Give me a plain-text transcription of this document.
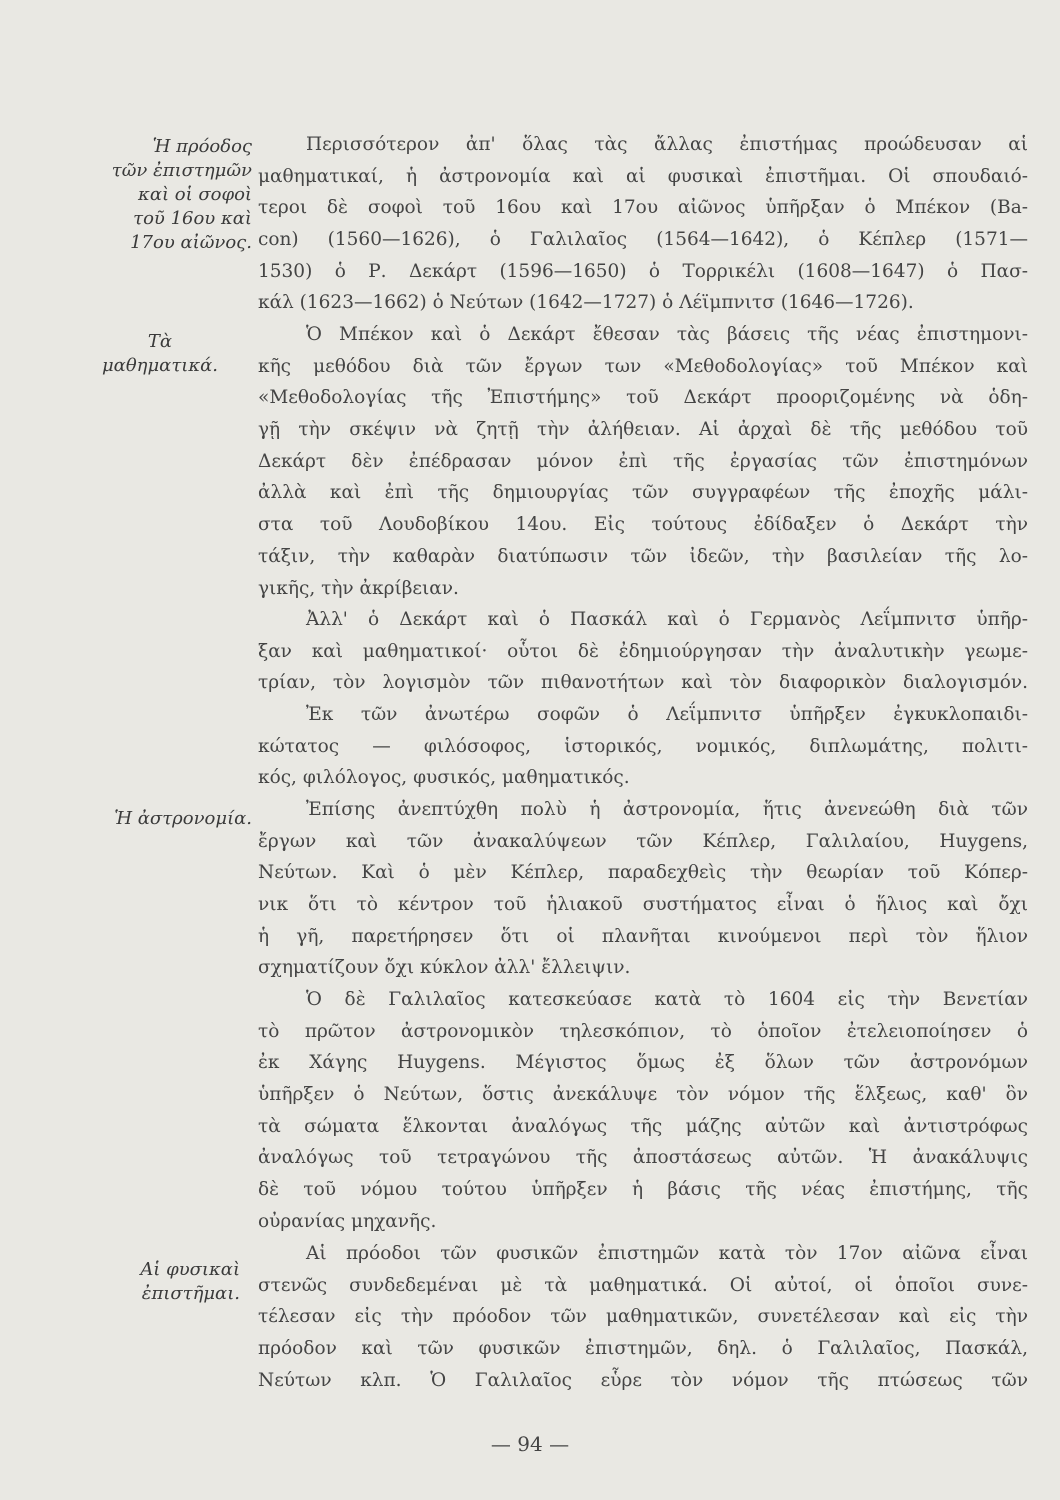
Ἡ πρόοδος
τῶν ἐπιστημῶν
καὶ οἱ σοφοὶ
τοῦ 16ου καὶ
17ου αἰῶνος.
Τὰ
μαθηματικά.
Ἡ ἀστρονομία.
Αἱ φυσικαὶ
ἐπιστῆμαι.
Περισσότερον ἀπ' ὅλας τὰς ἄλλας ἐπιστήμας προώδευσαν αἱ
μαθηματικαί, ἡ ἀστρονομία καὶ αἱ φυσικαὶ ἐπιστῆμαι. Οἱ σπουδαιό-
τεροι δὲ σοφοὶ τοῦ 16ου καὶ 17ου αἰῶνος ὑπῆρξαν ὁ Μπέκον (Ba-
con) (1560—1626), ὁ Γαλιλαῖος (1564—1642), ὁ Κέπλερ (1571—
1530) ὁ Ρ. Δεκάρτ (1596—1650) ὁ Τορρικέλι (1608—1647) ὁ Πασ-
κάλ (1623—1662) ὁ Νεύτων (1642—1727) ὁ Λέϊμπνιτσ (1646—1726).
Ὁ Μπέκον καὶ ὁ Δεκάρτ ἔθεσαν τὰς βάσεις τῆς νέας ἐπιστημονι-
κῆς μεθόδου διὰ τῶν ἔργων των «Μεθοδολογίας» τοῦ Μπέκον καὶ
«Μεθοδολογίας τῆς Ἐπιστήμης» τοῦ Δεκάρτ προοριζομένης νὰ ὁδη-
γῇ τὴν σκέψιν νὰ ζητῇ τὴν ἀλήθειαν. Αἱ ἀρχαὶ δὲ τῆς μεθόδου τοῦ
Δεκάρτ δὲν ἐπέδρασαν μόνον ἐπὶ τῆς ἐργασίας τῶν ἐπιστημόνων
ἀλλὰ καὶ ἐπὶ τῆς δημιουργίας τῶν συγγραφέων τῆς ἐποχῆς μάλι-
στα τοῦ Λουδοβίκου 14ου. Εἰς τούτους ἐδίδαξεν ὁ Δεκάρτ τὴν
τάξιν, τὴν καθαρὰν διατύπωσιν τῶν ἰδεῶν, τὴν βασιλείαν τῆς λο-
γικῆς, τὴν ἀκρίβειαν.
Ἀλλ' ὁ Δεκάρτ καὶ ὁ Πασκάλ καὶ ὁ Γερμανὸς Λεΐμπνιτσ ὑπῆρ-
ξαν καὶ μαθηματικοί· οὗτοι δὲ ἐδημιούργησαν τὴν ἀναλυτικὴν γεωμε-
τρίαν, τὸν λογισμὸν τῶν πιθανοτήτων καὶ τὸν διαφορικὸν διαλογισμόν.
Ἐκ τῶν ἀνωτέρω σοφῶν ὁ Λεΐμπνιτσ ὑπῆρξεν ἐγκυκλοπαιδι-
κώτατος — φιλόσοφος, ἱστορικός, νομικός, διπλωμάτης, πολιτι-
κός, φιλόλογος, φυσικός, μαθηματικός.
Ἐπίσης ἀνεπτύχθη πολὺ ἡ ἀστρονομία, ἥτις ἀνενεώθη διὰ τῶν
ἔργων καὶ τῶν ἀνακαλύψεων τῶν Κέπλερ, Γαλιλαίου, Huygens,
Νεύτων. Καὶ ὁ μὲν Κέπλερ, παραδεχθεὶς τὴν θεωρίαν τοῦ Κόπερ-
νικ ὅτι τὸ κέντρον τοῦ ἡλιακοῦ συστήματος εἶναι ὁ ἥλιος καὶ ὄχι
ἡ γῆ, παρετήρησεν ὅτι οἱ πλανῆται κινούμενοι περὶ τὸν ἥλιον
σχηματίζουν ὄχι κύκλον ἀλλ' ἔλλειψιν.
Ὁ δὲ Γαλιλαῖος κατεσκεύασε κατὰ τὸ 1604 εἰς τὴν Βενετίαν
τὸ πρῶτον ἀστρονομικὸν τηλεσκόπιον, τὸ ὁποῖον ἐτελειοποίησεν ὁ
ἐκ Χάγης Huygens. Μέγιστος ὅμως ἐξ ὅλων τῶν ἀστρονόμων
ὑπῆρξεν ὁ Νεύτων, ὅστις ἀνεκάλυψε τὸν νόμον τῆς ἕλξεως, καθ' ὃν
τὰ σώματα ἕλκονται ἀναλόγως τῆς μάζης αὐτῶν καὶ ἀντιστρόφως
ἀναλόγως τοῦ τετραγώνου τῆς ἀποστάσεως αὐτῶν. Ἡ ἀνακάλυψις
δὲ τοῦ νόμου τούτου ὑπῆρξεν ἡ βάσις τῆς νέας ἐπιστήμης, τῆς
οὐρανίας μηχανῆς.
Αἱ πρόοδοι τῶν φυσικῶν ἐπιστημῶν κατὰ τὸν 17ον αἰῶνα εἶναι
στενῶς συνδεδεμέναι μὲ τὰ μαθηματικά. Οἱ αὐτοί, οἱ ὁποῖοι συνε-
τέλεσαν εἰς τὴν πρόοδον τῶν μαθηματικῶν, συνετέλεσαν καὶ εἰς τὴν
πρόοδον καὶ τῶν φυσικῶν ἐπιστημῶν, δηλ. ὁ Γαλιλαῖος, Πασκάλ,
Νεύτων κλπ. Ὁ Γαλιλαῖος εὗρε τὸν νόμον τῆς πτώσεως τῶν
— 94 —
